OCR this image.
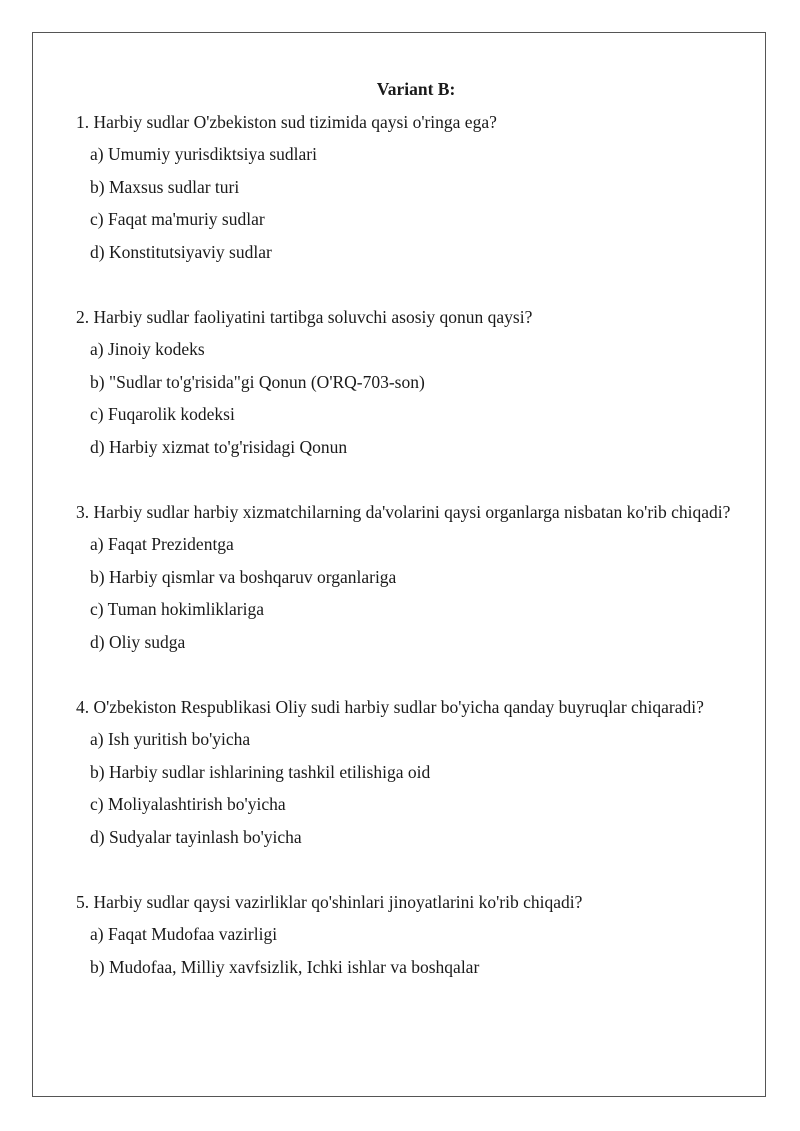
Variant B:

1. Harbiy sudlar O'zbekiston sud tizimida qaysi o'ringa ega?

a) Umumiy yurisdiktsiya sudlari

b) Maxsus sudlar turi

c) Faqat ma'muriy sudlar

d) Konstitutsiyaviy sudlar

2. Harbiy sudlar faoliyatini tartibga soluvchi asosiy qonun qaysi?

a) Jinoiy kodeks

b) "Sudlar to'g'risida"gi Qonun (O'RQ-703-son)

c) Fuqarolik kodeksi

d) Harbiy xizmat to'g'risidagi Qonun

3. Harbiy sudlar harbiy xizmatchilarning da'volarini qaysi organlarga nisbatan ko'rib chiqadi?

a) Faqat Prezidentga

b) Harbiy qismlar va boshqaruv organlariga

c) Tuman hokimliklariga

d) Oliy sudga

4. O'zbekiston Respublikasi Oliy sudi harbiy sudlar bo'yicha qanday buyruqlar chiqaradi?

a) Ish yuritish bo'yicha

b) Harbiy sudlar ishlarining tashkil etilishiga oid

c) Moliyalashtirish bo'yicha

d) Sudyalar tayinlash bo'yicha

5. Harbiy sudlar qaysi vazirliklar qo'shinlari jinoyatlarini ko'rib chiqadi?

a) Faqat Mudofaa vazirligi

b) Mudofaa, Milliy xavfsizlik, Ichki ishlar va boshqalar
